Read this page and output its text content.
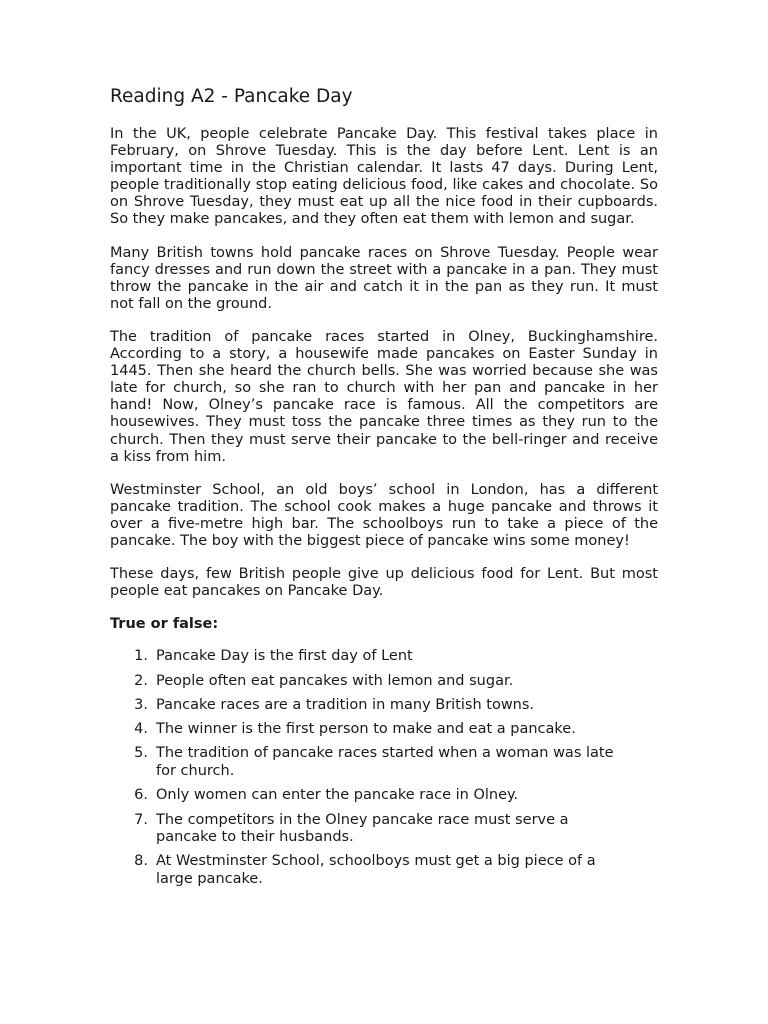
Reading A2 - Pancake Day

In the UK, people celebrate Pancake Day. This festival takes place in February, on Shrove Tuesday. This is the day before Lent. Lent is an important time in the Christian calendar. It lasts 47 days. During Lent, people traditionally stop eating delicious food, like cakes and chocolate. So on Shrove Tuesday, they must eat up all the nice food in their cupboards. So they make pancakes, and they often eat them with lemon and sugar.

Many British towns hold pancake races on Shrove Tuesday. People wear fancy dresses and run down the street with a pancake in a pan. They must throw the pancake in the air and catch it in the pan as they run. It must not fall on the ground.

The tradition of pancake races started in Olney, Buckinghamshire. According to a story, a housewife made pancakes on Easter Sunday in 1445. Then she heard the church bells. She was worried because she was late for church, so she ran to church with her pan and pancake in her hand! Now, Olney’s pancake race is famous. All the competitors are housewives. They must toss the pancake three times as they run to the church. Then they must serve their pancake to the bell-ringer and receive a kiss from him.

Westminster School, an old boys’ school in London, has a different pancake tradition. The school cook makes a huge pancake and throws it over a five-metre high bar. The schoolboys run to take a piece of the pancake. The boy with the biggest piece of pancake wins some money!

These days, few British people give up delicious food for Lent. But most people eat pancakes on Pancake Day.

True or false:
1. Pancake Day is the first day of Lent
2. People often eat pancakes with lemon and sugar.
3. Pancake races are a tradition in many British towns.
4. The winner is the first person to make and eat a pancake.
5. The tradition of pancake races started when a woman was late for church.
6. Only women can enter the pancake race in Olney.
7. The competitors in the Olney pancake race must serve a pancake to their husbands.
8. At Westminster School, schoolboys must get a big piece of a large pancake.
